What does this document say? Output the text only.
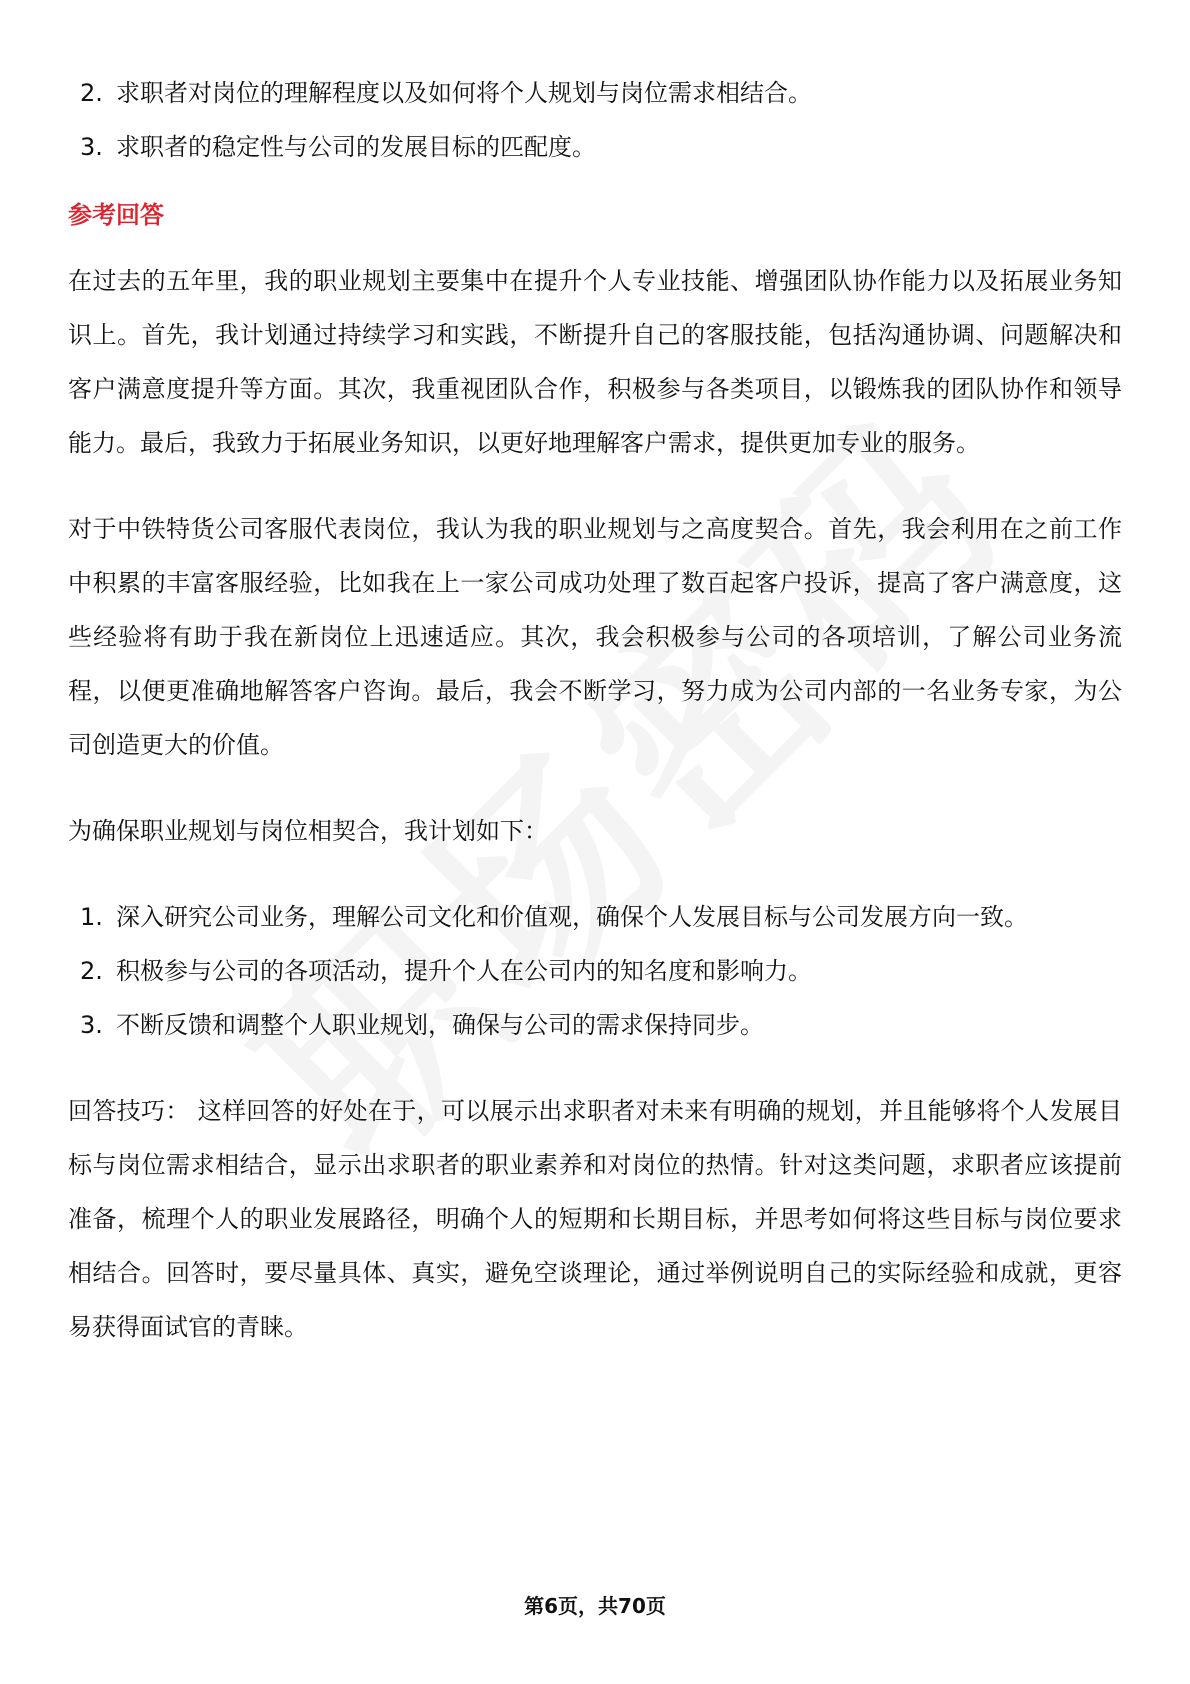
2. 求职者对岗位的理解程度以及如何将个人规划与岗位需求相结合。
3. 求职者的稳定性与公司的发展目标的匹配度。
参考回答

在过去的五年里，我的职业规划主要集中在提升个人专业技能、增强团队协作能力以及拓展业务知识上。首先，我计划通过持续学习和实践，不断提升自己的客服技能，包括沟通协调、问题解决和客户满意度提升等方面。其次，我重视团队合作，积极参与各类项目，以锻炼我的团队协作和领导能力。最后，我致力于拓展业务知识，以更好地理解客户需求，提供更加专业的服务。

对于中铁特货公司客服代表岗位，我认为我的职业规划与之高度契合。首先，我会利用在之前工作中积累的丰富客服经验，比如我在上一家公司成功处理了数百起客户投诉，提高了客户满意度，这些经验将有助于我在新岗位上迅速适应。其次，我会积极参与公司的各项培训，了解公司业务流程，以便更准确地解答客户咨询。最后，我会不断学习，努力成为公司内部的一名业务专家，为公司创造更大的价值。

为确保职业规划与岗位相契合，我计划如下：

1. 深入研究公司业务，理解公司文化和价值观，确保个人发展目标与公司发展方向一致。
2. 积极参与公司的各项活动，提升个人在公司内的知名度和影响力。
3. 不断反馈和调整个人职业规划，确保与公司的需求保持同步。

回答技巧： 这样回答的好处在于，可以展示出求职者对未来有明确的规划，并且能够将个人发展目标与岗位需求相结合，显示出求职者的职业素养和对岗位的热情。针对这类问题，求职者应该提前准备，梳理个人的职业发展路径，明确个人的短期和长期目标，并思考如何将这些目标与岗位要求相结合。回答时，要尽量具体、真实，避免空谈理论，通过举例说明自己的实际经验和成就，更容易获得面试官的青睐。

第6页，共70页
